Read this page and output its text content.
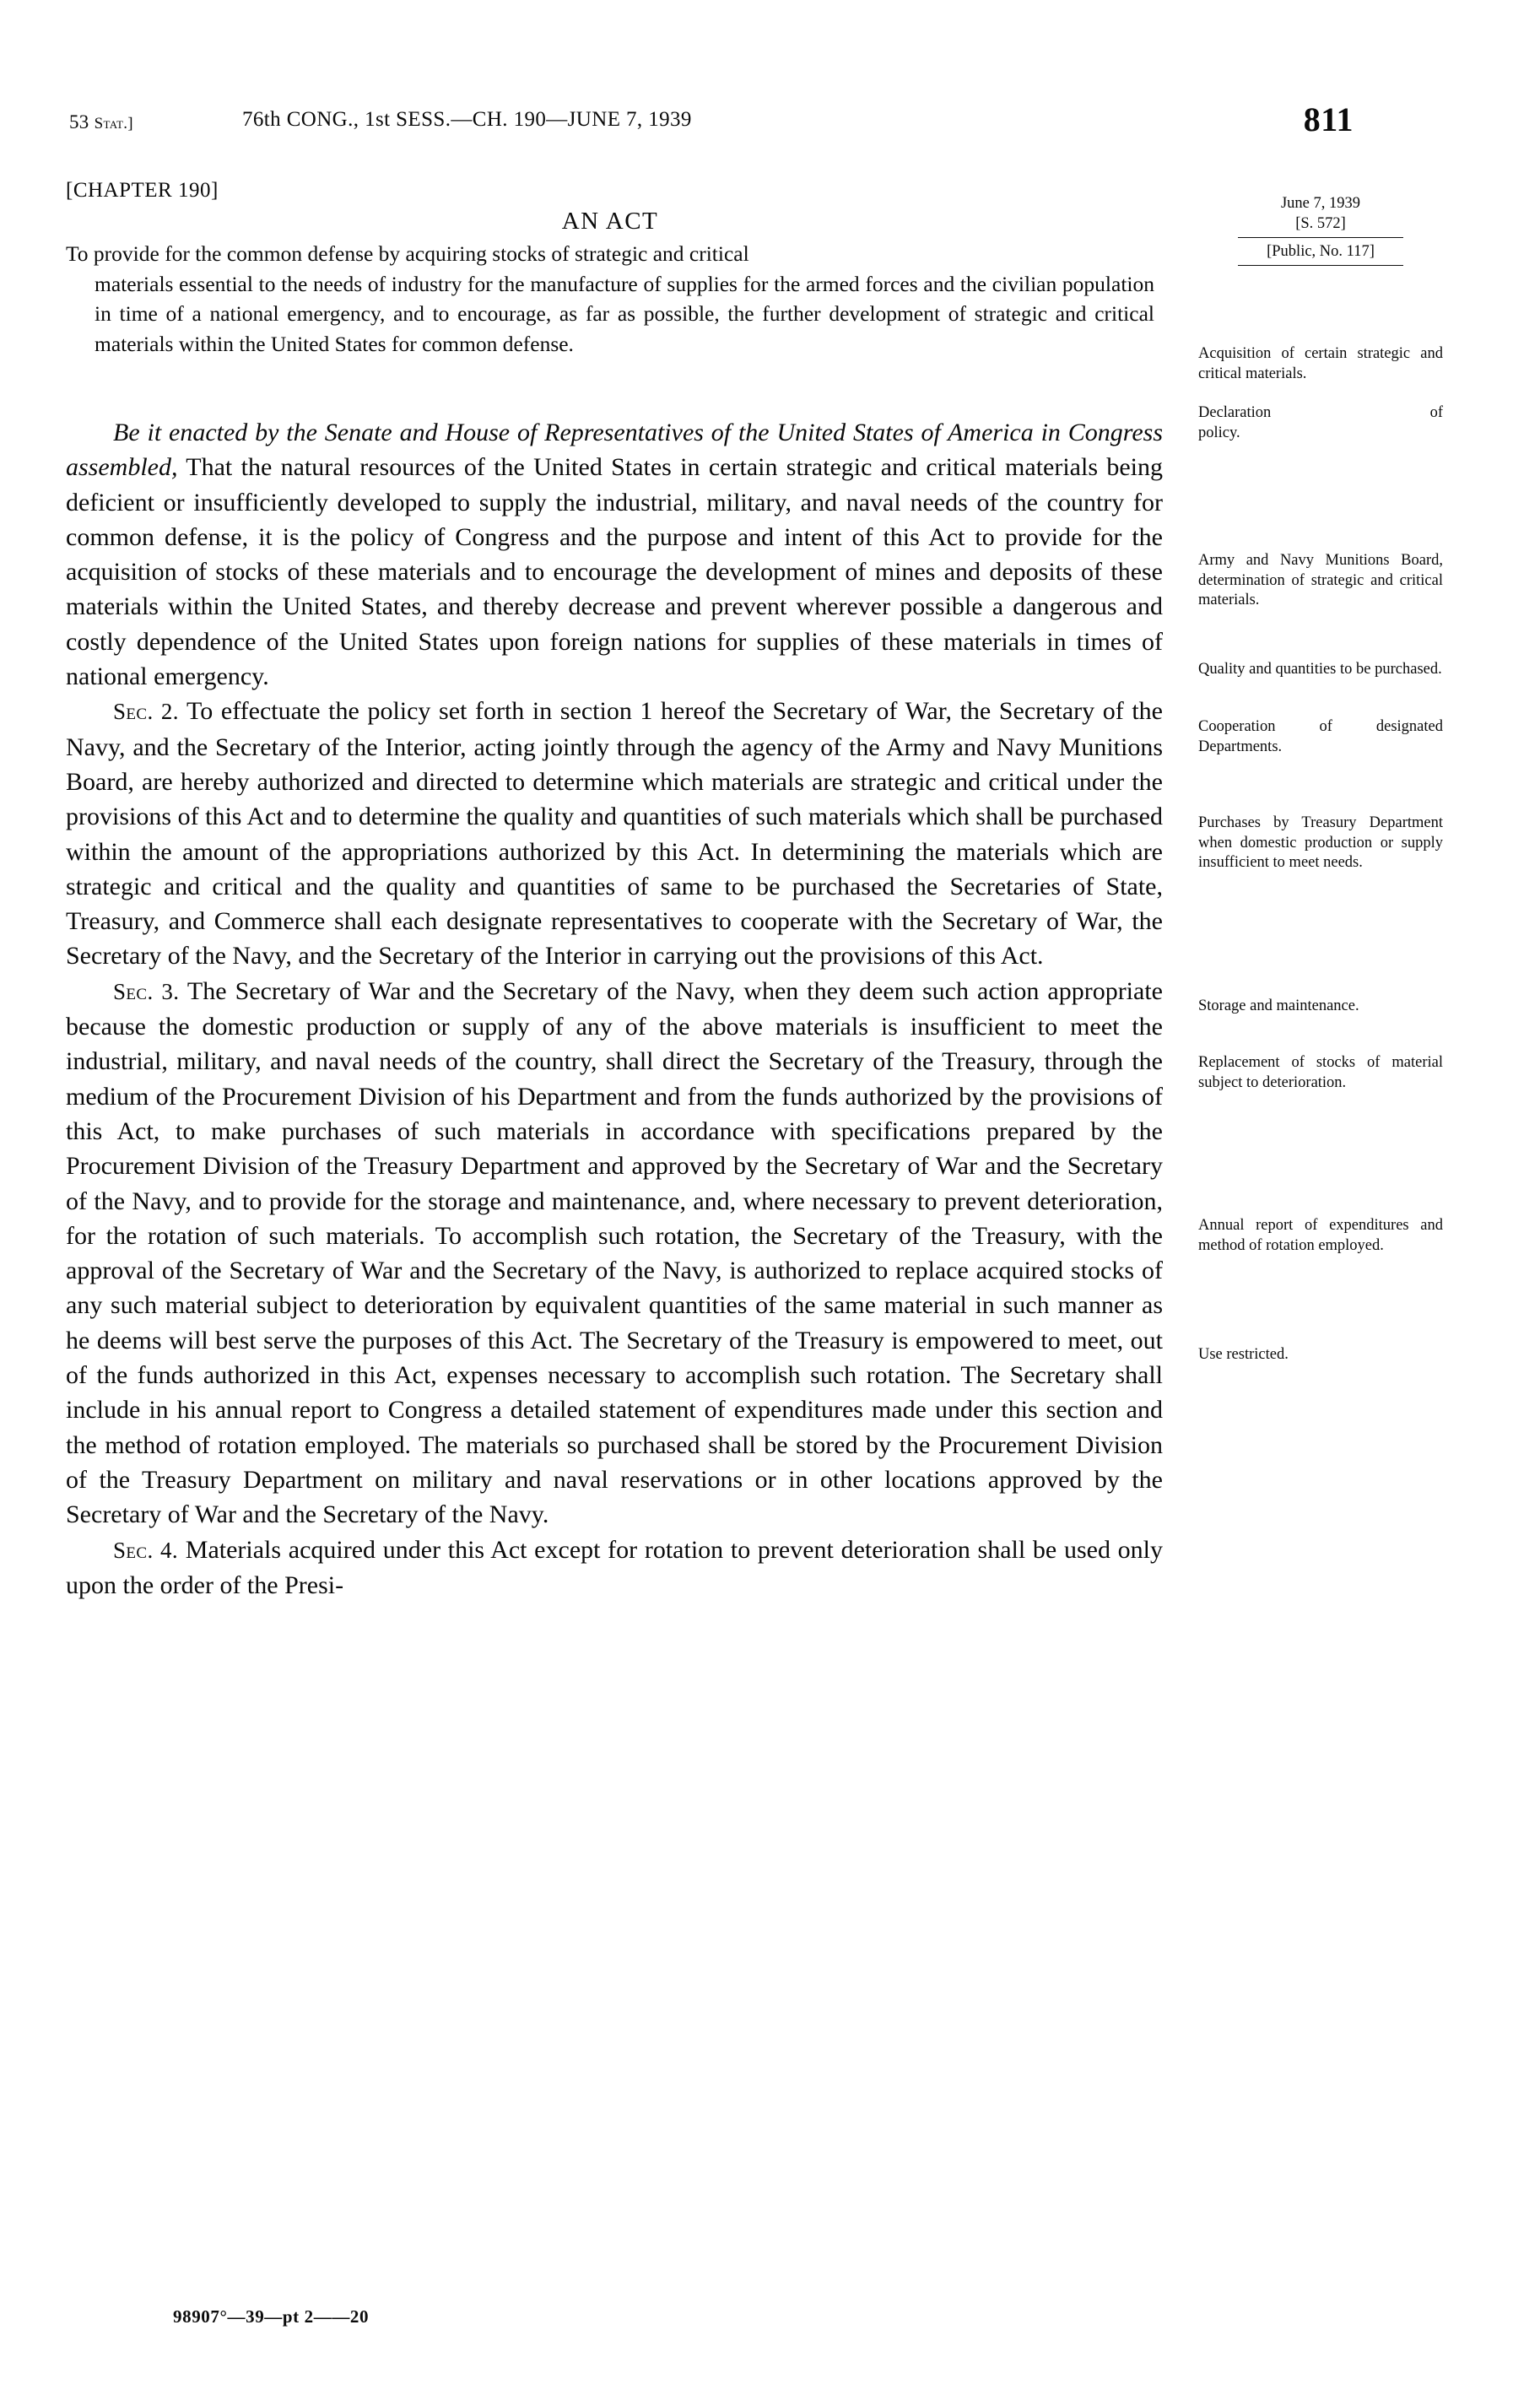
53 Stat.]	76th CONG., 1st SESS.—CH. 190—JUNE 7, 1939	811
[CHAPTER 190]
AN ACT
To provide for the common defense by acquiring stocks of strategic and critical
materials essential to the needs of industry for the manufacture of supplies for the armed forces and the civilian population in time of a national emergency, and to encourage, as far as possible, the further development of strategic and critical materials within the United States for common defense.

Be it enacted by the Senate and House of Representatives of the United States of America in Congress assembled, That the natural resources of the United States in certain strategic and critical materials being deficient or insufficiently developed to supply the industrial, military, and naval needs of the country for common defense, it is the policy of Congress and the purpose and intent of this Act to provide for the acquisition of stocks of these materials and to encourage the development of mines and deposits of these materials within the United States, and thereby decrease and prevent wherever possible a dangerous and costly dependence of the United States upon foreign nations for supplies of these materials in times of national emergency.

Sec. 2. To effectuate the policy set forth in section 1 hereof the Secretary of War, the Secretary of the Navy, and the Secretary of the Interior, acting jointly through the agency of the Army and Navy Munitions Board, are hereby authorized and directed to determine which materials are strategic and critical under the provisions of this Act and to determine the quality and quantities of such materials which shall be purchased within the amount of the appropriations authorized by this Act. In determining the materials which are strategic and critical and the quality and quantities of same to be purchased the Secretaries of State, Treasury, and Commerce shall each designate representatives to cooperate with the Secretary of War, the Secretary of the Navy, and the Secretary of the Interior in carrying out the provisions of this Act.

Sec. 3. The Secretary of War and the Secretary of the Navy, when they deem such action appropriate because the domestic production or supply of any of the above materials is insufficient to meet the industrial, military, and naval needs of the country, shall direct the Secretary of the Treasury, through the medium of the Procurement Division of his Department and from the funds authorized by the provisions of this Act, to make purchases of such materials in accordance with specifications prepared by the Procurement Division of the Treasury Department and approved by the Secretary of War and the Secretary of the Navy, and to provide for the storage and maintenance, and, where necessary to prevent deterioration, for the rotation of such materials. To accomplish such rotation, the Secretary of the Treasury, with the approval of the Secretary of War and the Secretary of the Navy, is authorized to replace acquired stocks of any such material subject to deterioration by equivalent quantities of the same material in such manner as he deems will best serve the purposes of this Act. The Secretary of the Treasury is empowered to meet, out of the funds authorized in this Act, expenses necessary to accomplish such rotation. The Secretary shall include in his annual report to Congress a detailed statement of expenditures made under this section and the method of rotation employed. The materials so purchased shall be stored by the Procurement Division of the Treasury Department on military and naval reservations or in other locations approved by the Secretary of War and the Secretary of the Navy.

Sec. 4. Materials acquired under this Act except for rotation to prevent deterioration shall be used only upon the order of the Presi-

June 7, 1939
[S. 572]
[Public, No. 117]
Acquisition of certain strategic and critical materials.
Declaration	of

policy.
Army and Navy Munitions Board, determination of strategic and critical materials.
Quality and quantities to be purchased.
Cooperation of designated Departments.
Purchases by Treasury Department when domestic production or supply insufficient to meet needs.
Storage and maintenance.
Replacement of stocks of material subject to deterioration.
Annual report of expenditures and method of rotation employed.
Use restricted.
98907°—39—pt 2——20
